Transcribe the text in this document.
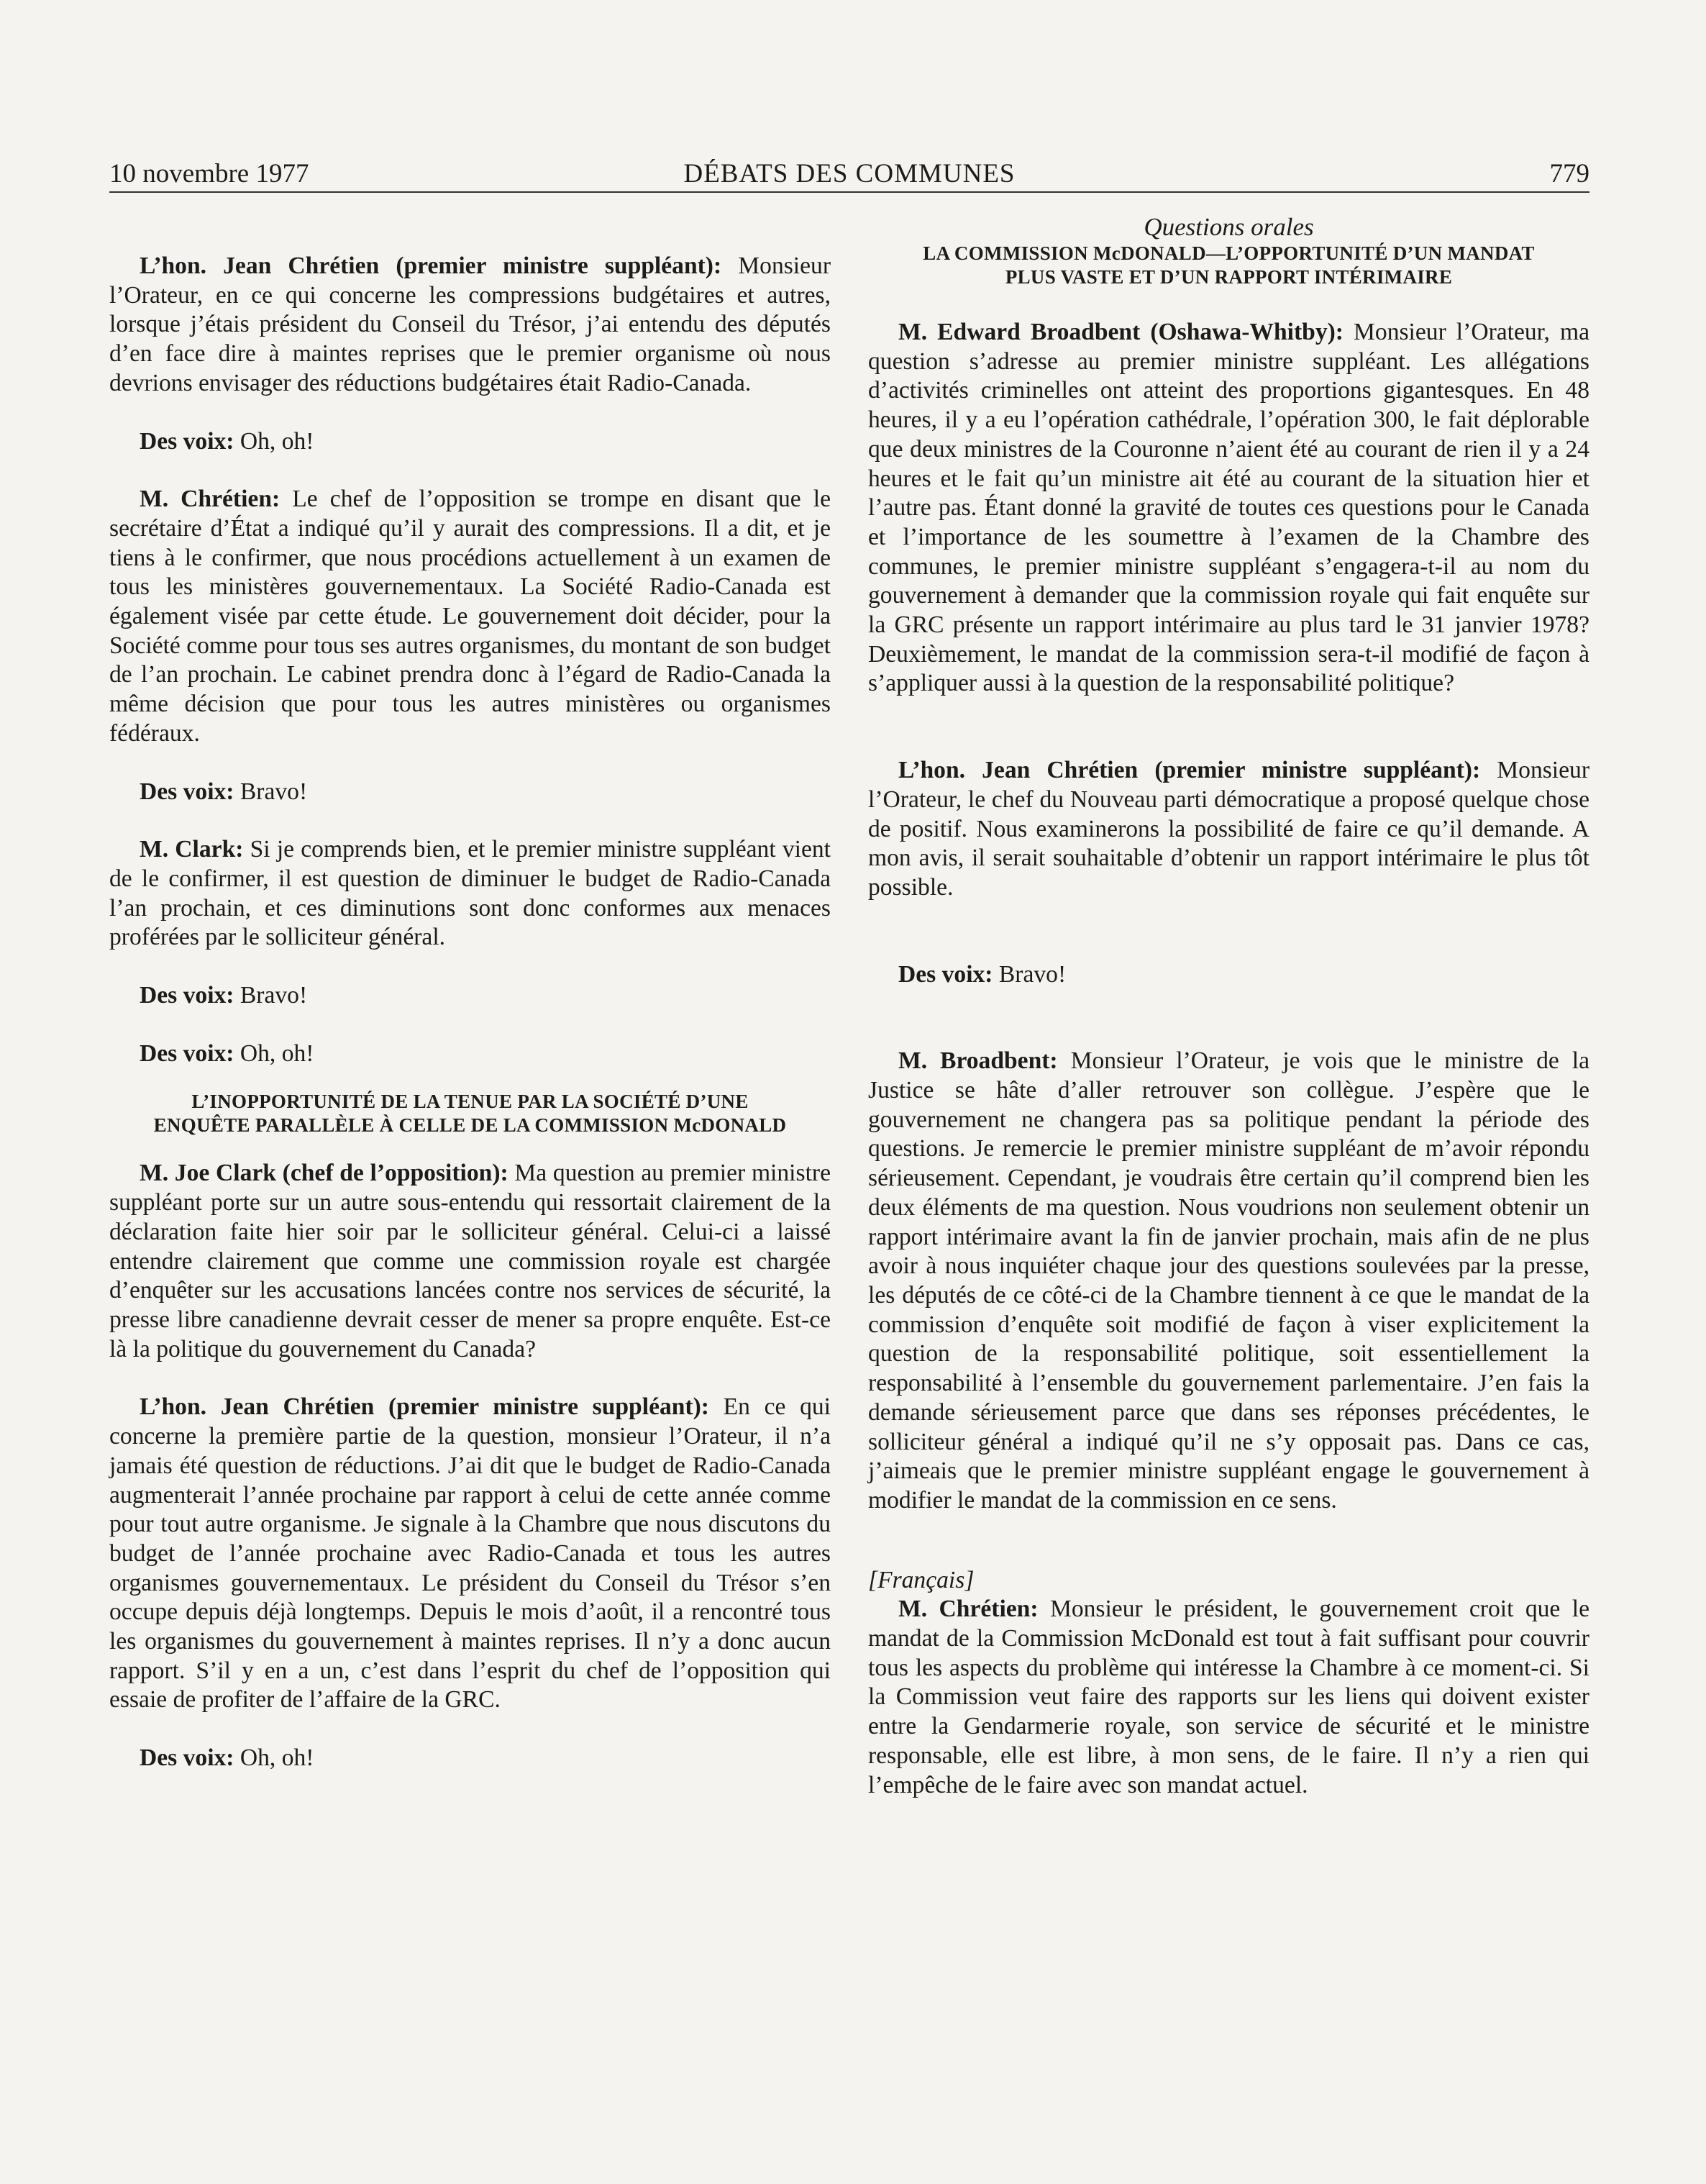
10 novembre 1977	DÉBATS DES COMMUNES	779

L’hon. Jean Chrétien (premier ministre suppléant): Monsieur l’Orateur, en ce qui concerne les compressions budgétaires et autres, lorsque j’étais président du Conseil du Trésor, j’ai entendu des députés d’en face dire à maintes reprises que le premier organisme où nous devrions envisager des réductions budgétaires était Radio-Canada.

Des voix: Oh, oh!

M. Chrétien: Le chef de l’opposition se trompe en disant que le secrétaire d’État a indiqué qu’il y aurait des compressions. Il a dit, et je tiens à le confirmer, que nous procédions actuellement à un examen de tous les ministères gouvernementaux. La Société Radio-Canada est également visée par cette étude. Le gouvernement doit décider, pour la Société comme pour tous ses autres organismes, du montant de son budget de l’an prochain. Le cabinet prendra donc à l’égard de Radio-Canada la même décision que pour tous les autres ministères ou organismes fédéraux.

Des voix: Bravo!

M. Clark: Si je comprends bien, et le premier ministre suppléant vient de le confirmer, il est question de diminuer le budget de Radio-Canada l’an prochain, et ces diminutions sont donc conformes aux menaces proférées par le solliciteur général.

Des voix: Bravo!

Des voix: Oh, oh!

L’INOPPORTUNITÉ DE LA TENUE PAR LA SOCIÉTÉ D’UNE
ENQUÊTE PARALLÈLE À CELLE DE LA COMMISSION McDONALD

M. Joe Clark (chef de l’opposition): Ma question au premier ministre suppléant porte sur un autre sous-entendu qui ressortait clairement de la déclaration faite hier soir par le solliciteur général. Celui-ci a laissé entendre clairement que comme une commission royale est chargée d’enquêter sur les accusations lancées contre nos services de sécurité, la presse libre canadienne devrait cesser de mener sa propre enquête. Est-ce là la politique du gouvernement du Canada?

L’hon. Jean Chrétien (premier ministre suppléant): En ce qui concerne la première partie de la question, monsieur l’Orateur, il n’a jamais été question de réductions. J’ai dit que le budget de Radio-Canada augmenterait l’année prochaine par rapport à celui de cette année comme pour tout autre organisme. Je signale à la Chambre que nous discutons du budget de l’année prochaine avec Radio-Canada et tous les autres organismes gouvernementaux. Le président du Conseil du Trésor s’en occupe depuis déjà longtemps. Depuis le mois d’août, il a rencontré tous les organismes du gouvernement à maintes reprises. Il n’y a donc aucun rapport. S’il y en a un, c’est dans l’esprit du chef de l’opposition qui essaie de profiter de l’affaire de la GRC.

Des voix: Oh, oh!

Questions orales

LA COMMISSION McDONALD—L’OPPORTUNITÉ D’UN MANDAT
PLUS VASTE ET D’UN RAPPORT INTÉRIMAIRE

M. Edward Broadbent (Oshawa-Whitby): Monsieur l’Orateur, ma question s’adresse au premier ministre suppléant. Les allégations d’activités criminelles ont atteint des proportions gigantesques. En 48 heures, il y a eu l’opération cathédrale, l’opération 300, le fait déplorable que deux ministres de la Couronne n’aient été au courant de rien il y a 24 heures et le fait qu’un ministre ait été au courant de la situation hier et l’autre pas. Étant donné la gravité de toutes ces questions pour le Canada et l’importance de les soumettre à l’examen de la Chambre des communes, le premier ministre suppléant s’engagera-t-il au nom du gouvernement à demander que la commission royale qui fait enquête sur la GRC présente un rapport intérimaire au plus tard le 31 janvier 1978? Deuxièmement, le mandat de la commission sera-t-il modifié de façon à s’appliquer aussi à la question de la responsabilité politique?

L’hon. Jean Chrétien (premier ministre suppléant): Monsieur l’Orateur, le chef du Nouveau parti démocratique a proposé quelque chose de positif. Nous examinerons la possibilité de faire ce qu’il demande. A mon avis, il serait souhaitable d’obtenir un rapport intérimaire le plus tôt possible.

Des voix: Bravo!

M. Broadbent: Monsieur l’Orateur, je vois que le ministre de la Justice se hâte d’aller retrouver son collègue. J’espère que le gouvernement ne changera pas sa politique pendant la période des questions. Je remercie le premier ministre suppléant de m’avoir répondu sérieusement. Cependant, je voudrais être certain qu’il comprend bien les deux éléments de ma question. Nous voudrions non seulement obtenir un rapport intérimaire avant la fin de janvier prochain, mais afin de ne plus avoir à nous inquiéter chaque jour des questions soulevées par la presse, les députés de ce côté-ci de la Chambre tiennent à ce que le mandat de la commission d’enquête soit modifié de façon à viser explicitement la question de la responsabilité politique, soit essentiellement la responsabilité à l’ensemble du gouvernement parlementaire. J’en fais la demande sérieusement parce que dans ses réponses précédentes, le solliciteur général a indiqué qu’il ne s’y opposait pas. Dans ce cas, j’aimeais que le premier ministre suppléant engage le gouvernement à modifier le mandat de la commission en ce sens.

[Français]

M. Chrétien: Monsieur le président, le gouvernement croit que le mandat de la Commission McDonald est tout à fait suffisant pour couvrir tous les aspects du problème qui intéresse la Chambre à ce moment-ci. Si la Commission veut faire des rapports sur les liens qui doivent exister entre la Gendarmerie royale, son service de sécurité et le ministre responsable, elle est libre, à mon sens, de le faire. Il n’y a rien qui l’empêche de le faire avec son mandat actuel.
